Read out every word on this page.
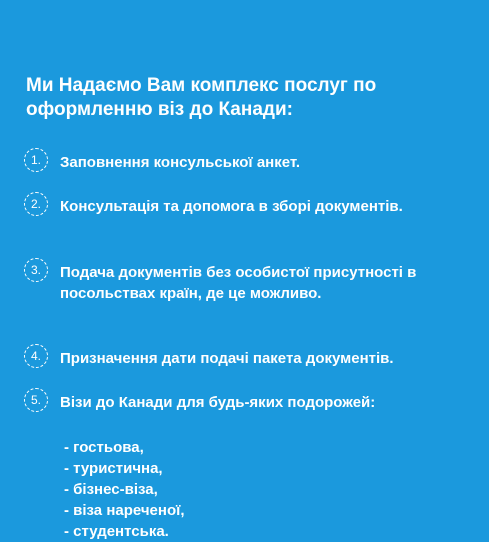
Ми Надаємо Вам комплекс послуг по оформленню віз до Канади:
1.	Заповнення консульської анкет.
2.	Консультація та допомога в зборі документів.
3.	Подача документів без особистої присутності в посольствах країн, де це можливо.
4.	Призначення дати подачі пакета документів.
5.	Візи до Канади для будь-яких подорожей:
- гостьова,
- туристична,
- бізнес-віза,
- віза нареченої,
- студентська.
